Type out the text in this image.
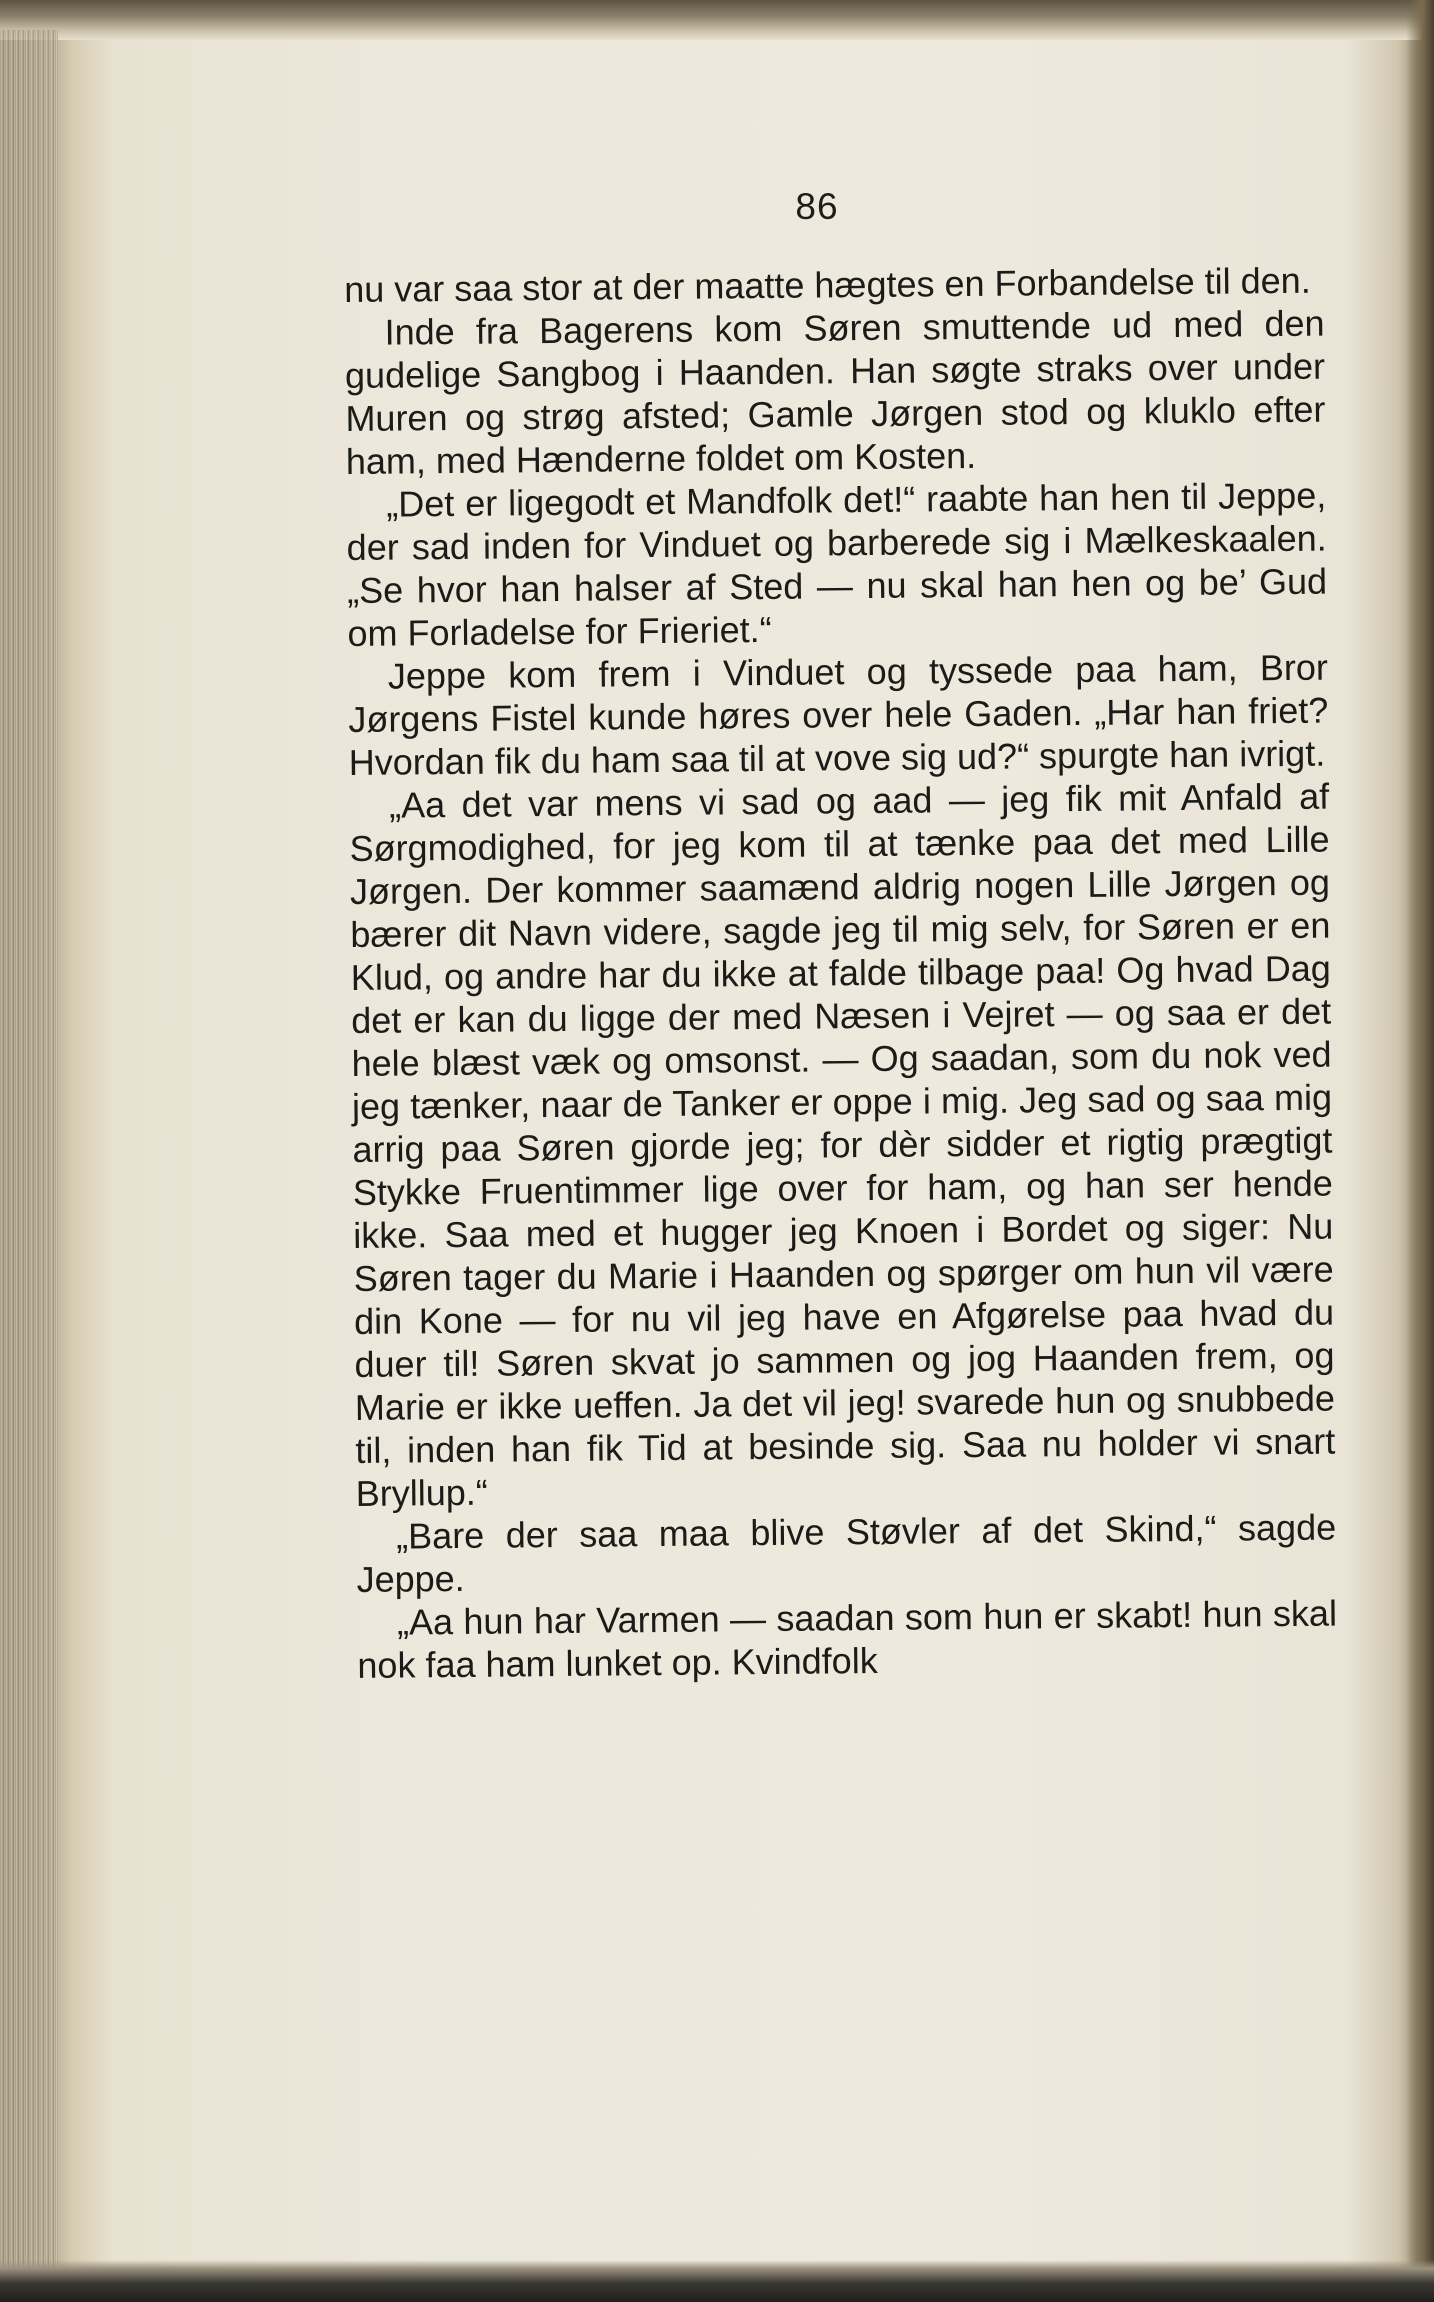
86

nu var saa stor at der maatte hægtes en Forbandelse til den.

Inde fra Bagerens kom Søren smuttende ud med den gudelige Sangbog i Haanden. Han søgte straks over under Muren og strøg afsted; Gamle Jørgen stod og kluklo efter ham, med Hænderne foldet om Kosten.

„Det er ligegodt et Mandfolk det!“ raabte han hen til Jeppe, der sad inden for Vinduet og barberede sig i Mælkeskaalen. „Se hvor han halser af Sted — nu skal han hen og be’ Gud om Forladelse for Frieriet.“

Jeppe kom frem i Vinduet og tyssede paa ham, Bror Jørgens Fistel kunde høres over hele Gaden. „Har han friet? Hvordan fik du ham saa til at vove sig ud?“ spurgte han ivrigt.

„Aa det var mens vi sad og aad — jeg fik mit Anfald af Sørgmodighed, for jeg kom til at tænke paa det med Lille Jørgen. Der kommer saamænd aldrig nogen Lille Jørgen og bærer dit Navn videre, sagde jeg til mig selv, for Søren er en Klud, og andre har du ikke at falde tilbage paa! Og hvad Dag det er kan du ligge der med Næsen i Vejret — og saa er det hele blæst væk og omsonst. — Og saadan, som du nok ved jeg tænker, naar de Tanker er oppe i mig. Jeg sad og saa mig arrig paa Søren gjorde jeg; for dèr sidder et rigtig prægtigt Stykke Fruentimmer lige over for ham, og han ser hende ikke. Saa med et hugger jeg Knoen i Bordet og siger: Nu Søren tager du Marie i Haanden og spørger om hun vil være din Kone — for nu vil jeg have en Afgørelse paa hvad du duer til! Søren skvat jo sammen og jog Haanden frem, og Marie er ikke ueffen. Ja det vil jeg! svarede hun og snubbede til, inden han fik Tid at besinde sig. Saa nu holder vi snart Bryllup.“

„Bare der saa maa blive Støvler af det Skind,“ sagde Jeppe.

„Aa hun har Varmen — saadan som hun er skabt! hun skal nok faa ham lunket op. Kvindfolk
